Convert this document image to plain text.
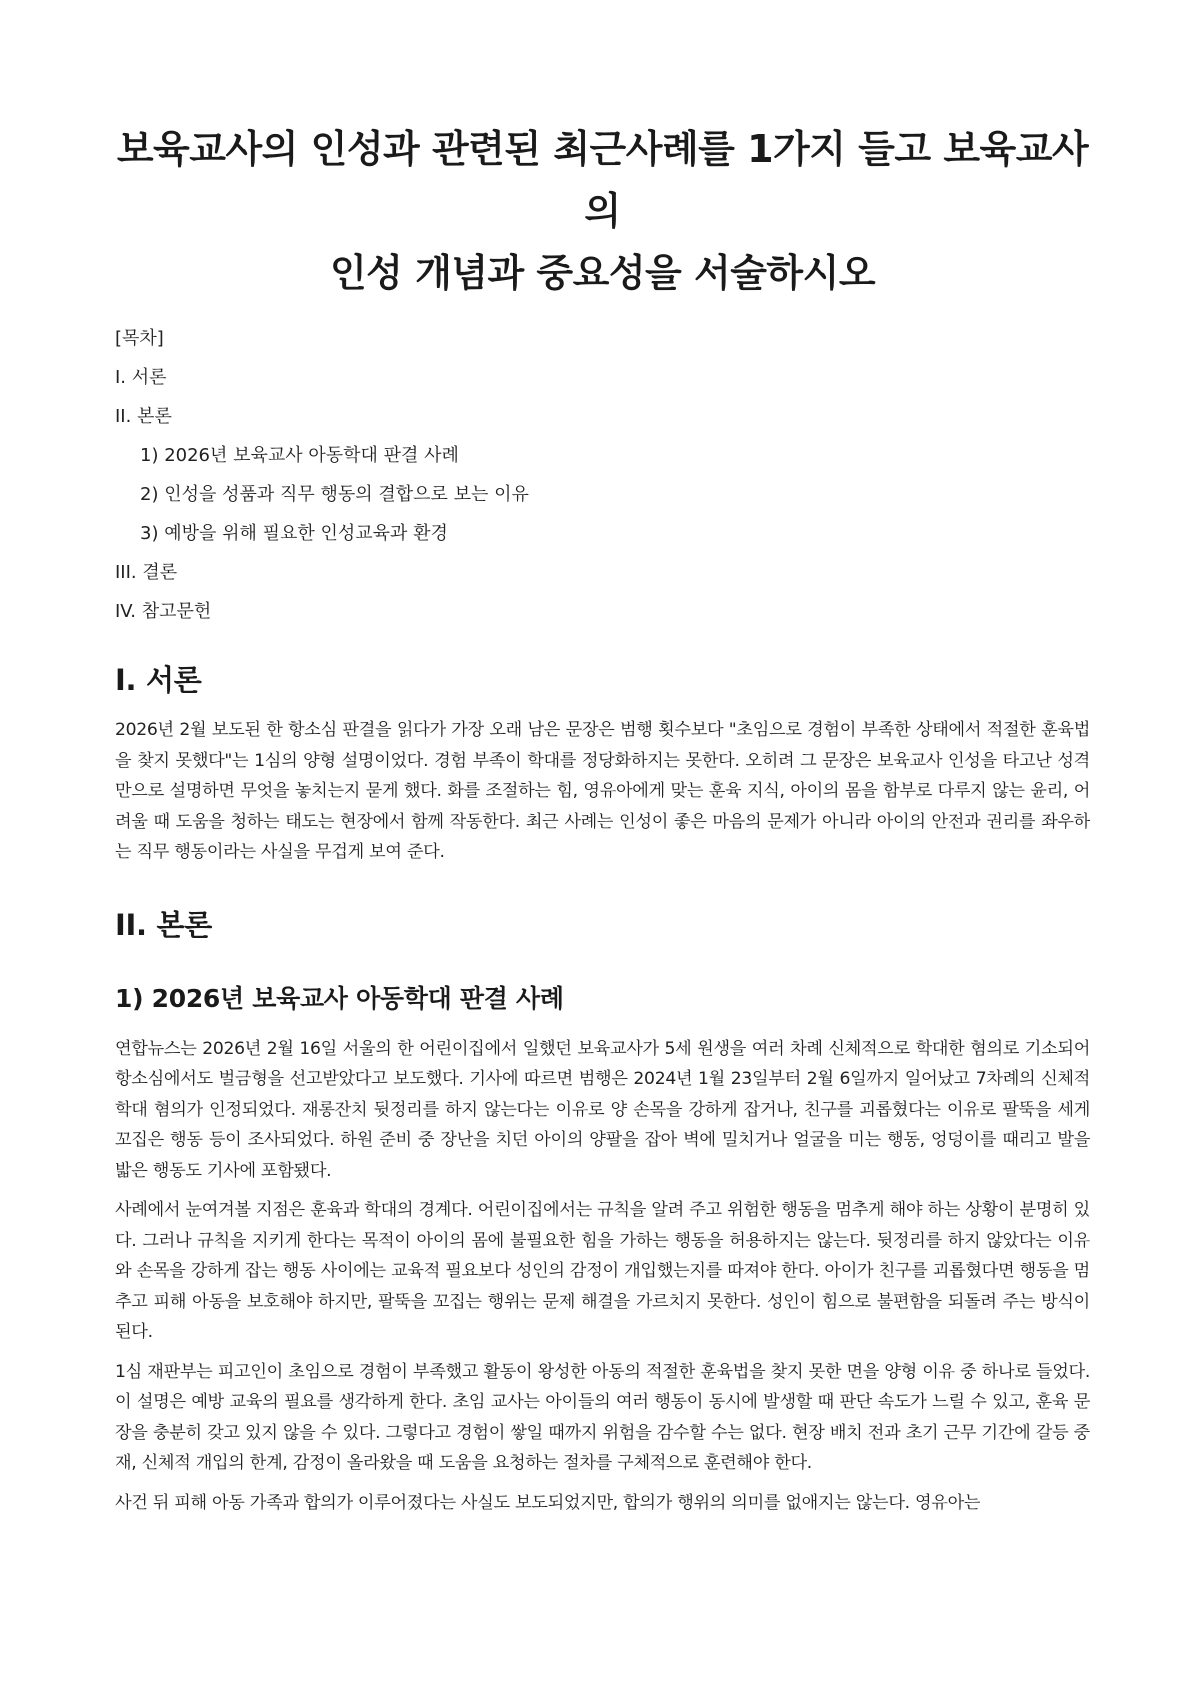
보육교사의 인성과 관련된 최근사례를 1가지 들고 보육교사의
인성 개념과 중요성을 서술하시오
[목차]
I. 서론
II. 본론
1) 2026년 보육교사 아동학대 판결 사례
2) 인성을 성품과 직무 행동의 결합으로 보는 이유
3) 예방을 위해 필요한 인성교육과 환경
III. 결론
IV. 참고문헌
I. 서론

2026년 2월 보도된 한 항소심 판결을 읽다가 가장 오래 남은 문장은 범행 횟수보다 "초임으로 경험이 부족한 상태에서 적절한 훈육법을 찾지 못했다"는 1심의 양형 설명이었다. 경험 부족이 학대를 정당화하지는 못한다. 오히려 그 문장은 보육교사 인성을 타고난 성격만으로 설명하면 무엇을 놓치는지 묻게 했다. 화를 조절하는 힘, 영유아에게 맞는 훈육 지식, 아이의 몸을 함부로 다루지 않는 윤리, 어려울 때 도움을 청하는 태도는 현장에서 함께 작동한다. 최근 사례는 인성이 좋은 마음의 문제가 아니라 아이의 안전과 권리를 좌우하는 직무 행동이라는 사실을 무겁게 보여 준다.

II. 본론
1) 2026년 보육교사 아동학대 판결 사례

연합뉴스는 2026년 2월 16일 서울의 한 어린이집에서 일했던 보육교사가 5세 원생을 여러 차례 신체적으로 학대한 혐의로 기소되어 항소심에서도 벌금형을 선고받았다고 보도했다. 기사에 따르면 범행은 2024년 1월 23일부터 2월 6일까지 일어났고 7차례의 신체적 학대 혐의가 인정되었다. 재롱잔치 뒷정리를 하지 않는다는 이유로 양 손목을 강하게 잡거나, 친구를 괴롭혔다는 이유로 팔뚝을 세게 꼬집은 행동 등이 조사되었다. 하원 준비 중 장난을 치던 아이의 양팔을 잡아 벽에 밀치거나 얼굴을 미는 행동, 엉덩이를 때리고 발을 밟은 행동도 기사에 포함됐다.

사례에서 눈여겨볼 지점은 훈육과 학대의 경계다. 어린이집에서는 규칙을 알려 주고 위험한 행동을 멈추게 해야 하는 상황이 분명히 있다. 그러나 규칙을 지키게 한다는 목적이 아이의 몸에 불필요한 힘을 가하는 행동을 허용하지는 않는다. 뒷정리를 하지 않았다는 이유와 손목을 강하게 잡는 행동 사이에는 교육적 필요보다 성인의 감정이 개입했는지를 따져야 한다. 아이가 친구를 괴롭혔다면 행동을 멈추고 피해 아동을 보호해야 하지만, 팔뚝을 꼬집는 행위는 문제 해결을 가르치지 못한다. 성인이 힘으로 불편함을 되돌려 주는 방식이 된다.

1심 재판부는 피고인이 초임으로 경험이 부족했고 활동이 왕성한 아동의 적절한 훈육법을 찾지 못한 면을 양형 이유 중 하나로 들었다. 이 설명은 예방 교육의 필요를 생각하게 한다. 초임 교사는 아이들의 여러 행동이 동시에 발생할 때 판단 속도가 느릴 수 있고, 훈육 문장을 충분히 갖고 있지 않을 수 있다. 그렇다고 경험이 쌓일 때까지 위험을 감수할 수는 없다. 현장 배치 전과 초기 근무 기간에 갈등 중재, 신체적 개입의 한계, 감정이 올라왔을 때 도움을 요청하는 절차를 구체적으로 훈련해야 한다.

사건 뒤 피해 아동 가족과 합의가 이루어졌다는 사실도 보도되었지만, 합의가 행위의 의미를 없애지는 않는다. 영유아는
